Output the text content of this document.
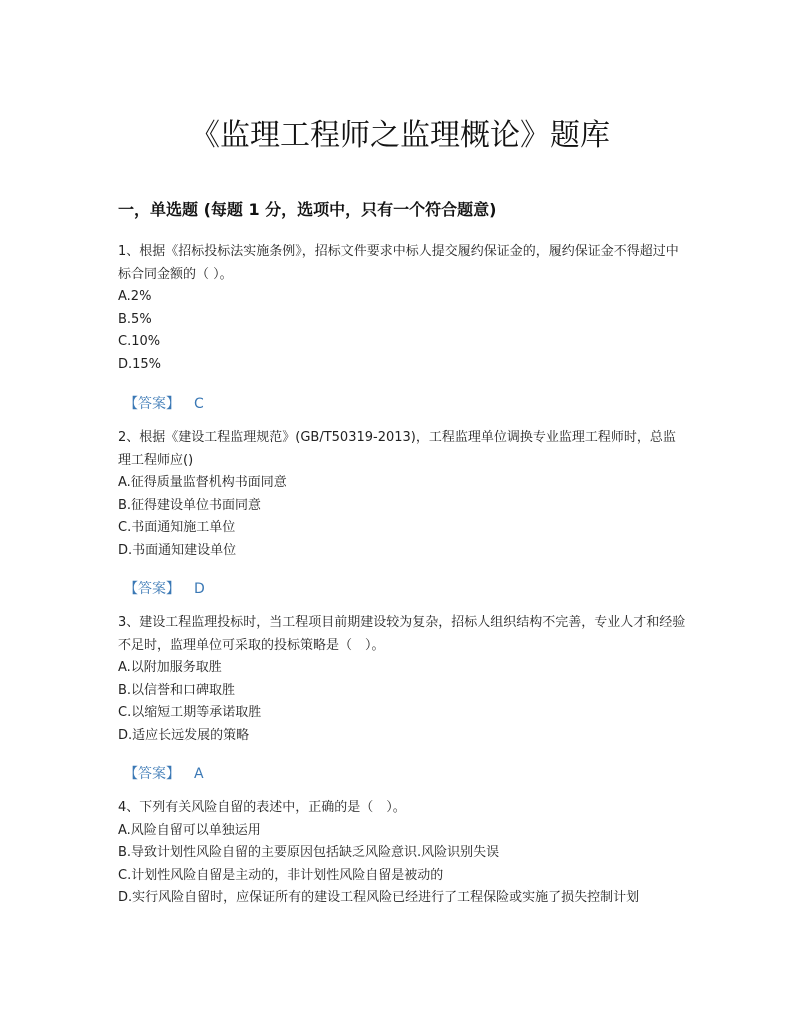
《监理工程师之监理概论》题库
一，单选题 (每题 1 分，选项中，只有一个符合题意)

1、根据《招标投标法实施条例》，招标文件要求中标人提交履约保证金的，履约保证金不得超过中标合同金额的（ ）。

A.2%

B.5%

C.10%

D.15%

【答案】 C

2、根据《建设工程监理规范》(GB/T50319-2013)，工程监理单位调换专业监理工程师时，总监理工程师应()

A.征得质量监督机构书面同意

B.征得建设单位书面同意

C.书面通知施工单位

D.书面通知建设单位

【答案】 D

3、建设工程监理投标时，当工程项目前期建设较为复杂，招标人组织结构不完善，专业人才和经验不足时，监理单位可采取的投标策略是（　）。

A.以附加服务取胜

B.以信誉和口碑取胜

C.以缩短工期等承诺取胜

D.适应长远发展的策略

【答案】 A

4、下列有关风险自留的表述中，正确的是（　）。

A.风险自留可以单独运用

B.导致计划性风险自留的主要原因包括缺乏风险意识.风险识别失误

C.计划性风险自留是主动的，非计划性风险自留是被动的

D.实行风险自留时，应保证所有的建设工程风险已经进行了工程保险或实施了损失控制计划
